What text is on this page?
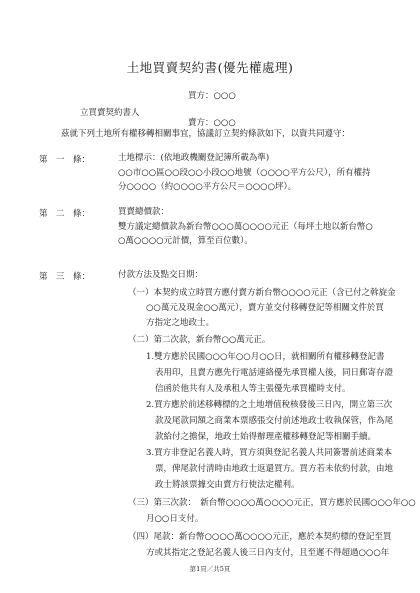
土地買賣契約書(優先權處理)
買方：○○○
立買賣契約書人
賣方：○○○
茲就下列土地所有權移轉相關事宜，協議訂立契約條款如下，以資共同遵守：
第　一　條：	土地標示：(依地政機關登記簿所載為準)
○○市○○區○○段○○小段○○地號（○○○○平方公尺），所有權持
分○○○○（約○○○○平方公尺＝○○○○坪）。
第　二　條：	買賣總價款：
雙方議定總價款為新台幣○○○萬○○○○元正（每坪土地以新台幣○
○萬○○○○元計價，算至百位數）。
第　三　條：	付款方法及點交日期：
（一）本契約成立時買方應付賣方新台幣○○○○元正（含已付之斡旋金
○○萬元及現金○○萬元），賣方並交付移轉登記等相關文件於買
方指定之地政士。
（二）第二次款，新台幣○○萬元正。
1.雙方應於民國○○○年○○月○○日，就相關所有權移轉登記書
表用印，且賣方應先行電話連絡優先承買權人後，同日郵寄存證
信函於他共有人及承租人等主張優先承買權時支付。
2.買方應於前述移轉標的之土地增值稅核發後三日內，開立第三次
款及尾款同額之商業本票感張交付前述地政士收執保管，作為尾
款給付之擔保，地政士始得辦理產權移轉登記等相關手續。
3.買方非登記名義人時，買方須與登記名義人共同簽署前述商業本
票，俾尾款付清時由地政士返還買方。買方若未依約付款，由地
政士將該票據交由賣方行使法定權利。
（三）第三次款：　新台幣○○○○萬○○○○元正，買方應於民國○○○年○○
月○○日支付。
（四）尾款：新台幣○○○○萬○○○○元正，應於本契約標的登記至買
方或其指定之登記名義人後三日內支付，且至遲不得超過○○○年
第1頁／共5頁
